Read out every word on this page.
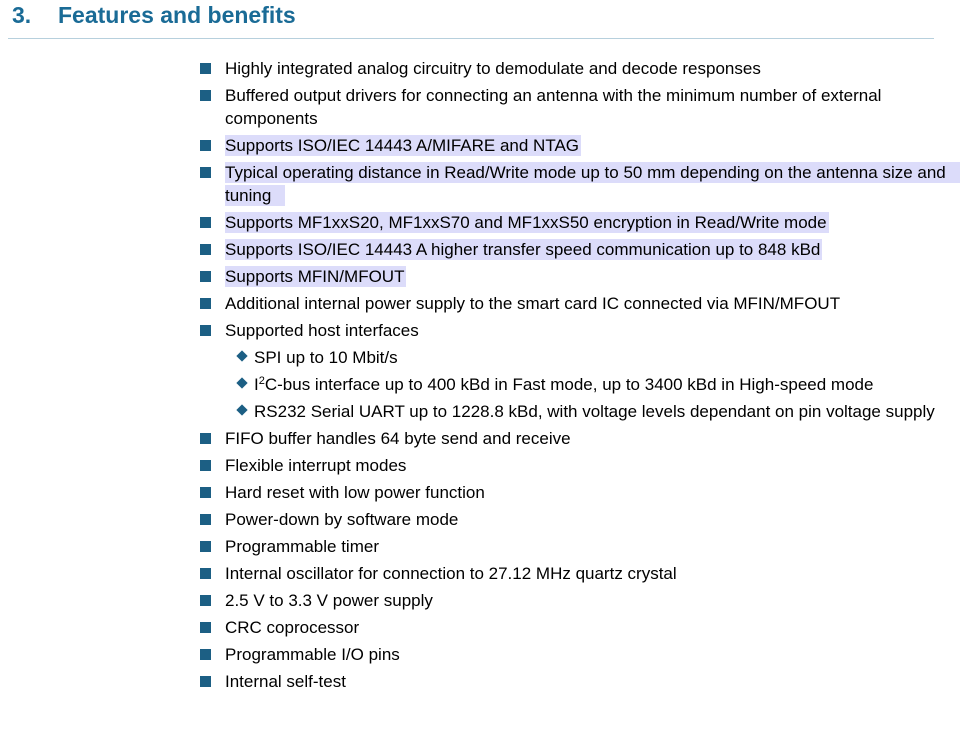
3. Features and benefits
Highly integrated analog circuitry to demodulate and decode responses
Buffered output drivers for connecting an antenna with the minimum number of external components
Supports ISO/IEC 14443 A/MIFARE and NTAG
Typical operating distance in Read/Write mode up to 50 mm depending on the antenna size and tuning
Supports MF1xxS20, MF1xxS70 and MF1xxS50 encryption in Read/Write mode
Supports ISO/IEC 14443 A higher transfer speed communication up to 848 kBd
Supports MFIN/MFOUT
Additional internal power supply to the smart card IC connected via MFIN/MFOUT
Supported host interfaces
SPI up to 10 Mbit/s
$I^2C$-bus interface up to 400 kBd in Fast mode, up to 3400 kBd in High-speed mode
RS232 Serial UART up to 1228.8 kBd, with voltage levels dependant on pin voltage supply
FIFO buffer handles 64 byte send and receive
Flexible interrupt modes
Hard reset with low power function
Power-down by software mode
Programmable timer
Internal oscillator for connection to 27.12 MHz quartz crystal
2.5 V to 3.3 V power supply
CRC coprocessor
Programmable I/O pins
Internal self-test
